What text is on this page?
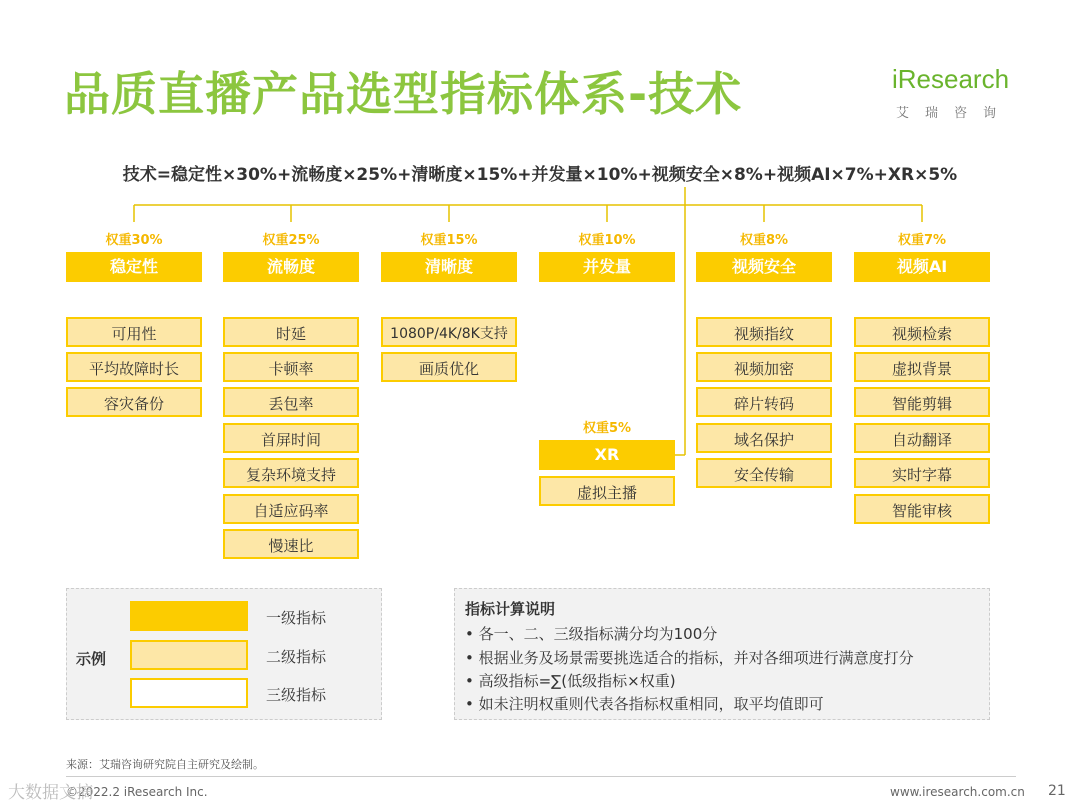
品质直播产品选型指标体系-技术	iResearch
艾瑞咨询
技术=稳定性×30%+流畅度×25%+清晰度×15%+并发量×10%+视频安全×8%+视频AI×7%+XR×5%
权重30%
稳定性
可用性
平均故障时长
容灾备份
权重25%
流畅度
时延
卡顿率
丢包率
首屏时间
复杂环境支持
自适应码率
慢速比
权重15%
清晰度
1080P/4K/8K支持
画质优化
权重10%
并发量
权重5%
XR
虚拟主播
权重8%
视频安全
视频指纹
视频加密
碎片转码
域名保护
安全传输
权重7%
视频AI
视频检索
虚拟背景
智能剪辑
自动翻译
实时字幕
智能审核
示例
一级指标
二级指标
三级指标
指标计算说明
• 各一、二、三级指标满分均为100分
• 根据业务及场景需要挑选适合的指标，并对各细项进行满意度打分
• 高级指标=∑(低级指标×权重)
• 如未注明权重则代表各指标权重相同，取平均值即可
来源：艾瑞咨询研究院自主研究及绘制。
©2022.2 iResearch Inc.	www.iresearch.com.cn 21
大数据文摘
